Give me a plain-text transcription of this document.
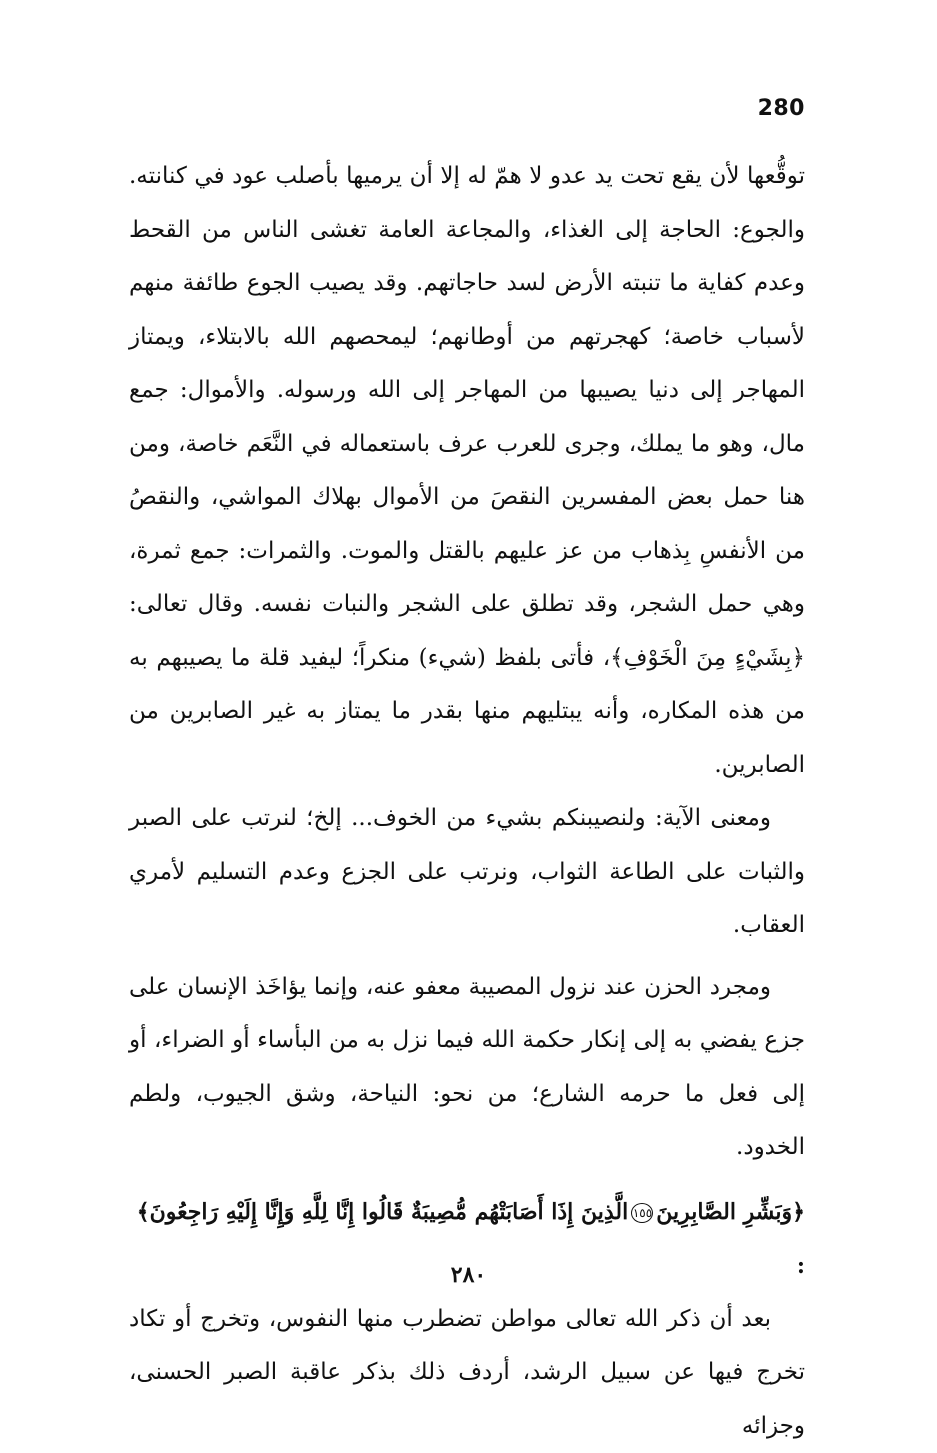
280

توقُّعها لأن يقع تحت يد عدو لا همّ له إلا أن يرميها بأصلب عود في كنانته. والجوع: الحاجة إلى الغذاء، والمجاعة العامة تغشى الناس من القحط وعدم كفاية ما تنبته الأرض لسد حاجاتهم. وقد يصيب الجوع طائفة منهم لأسباب خاصة؛ كهجرتهم من أوطانهم؛ ليمحصهم الله بالابتلاء، ويمتاز المهاجر إلى دنيا يصيبها من المهاجر إلى الله ورسوله. والأموال: جمع مال، وهو ما يملك، وجرى للعرب عرف باستعماله في النَّعَم خاصة، ومن هنا حمل بعض المفسرين النقصَ من الأموال بهلاك المواشي، والنقصُ من الأنفسِ بِذهاب من عز عليهم بالقتل والموت. والثمرات: جمع ثمرة، وهي حمل الشجر، وقد تطلق على الشجر والنبات نفسه. وقال تعالى: ﴿بِشَيْءٍ مِنَ الْخَوْفِ﴾، فأتى بلفظ (شيء) منكراً؛ ليفيد قلة ما يصيبهم به من هذه المكاره، وأنه يبتليهم منها بقدر ما يمتاز به غير الصابرين من الصابرين.

ومعنى الآية: ولنصيبنكم بشيء من الخوف... إلخ؛ لنرتب على الصبر والثبات على الطاعة الثواب، ونرتب على الجزع وعدم التسليم لأمري العقاب.

ومجرد الحزن عند نزول المصيبة معفو عنه، وإنما يؤاخَذ الإنسان على جزع يفضي به إلى إنكار حكمة الله فيما نزل به من البأساء أو الضراء، أو إلى فعل ما حرمه الشارع؛ من نحو: النياحة، وشق الجيوب، ولطم الخدود.

﴿وَبَشِّرِ الصَّابِرِينَ١٥٥الَّذِينَ إِذَا أَصَابَتْهُم مُّصِيبَةٌ قَالُوا إِنَّا لِلَّهِ وَإِنَّا إِلَيْهِ رَاجِعُونَ﴾ :

بعد أن ذكر الله تعالى مواطن تضطرب منها النفوس، وتخرج أو تكاد تخرج فيها عن سبيل الرشد، أردف ذلك بذكر عاقبة الصبر الحسنى، وجزائه

٢٨٠
